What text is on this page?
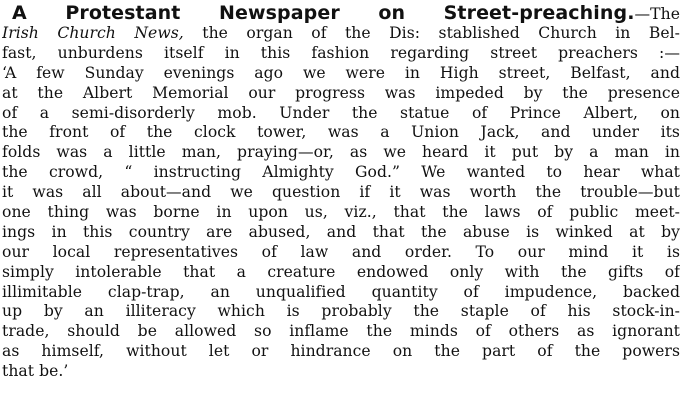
A Protestant Newspaper on Street-preaching.—The
Irish Church News, the organ of the Dis: stablished Church in Bel-
fast, unburdens itself in this fashion regarding street preachers :—
‘A few Sunday evenings ago we were in High street, Belfast, and
at the Albert Memorial our progress was impeded by the presence
of a semi-disorderly mob. Under the statue of Prince Albert, on
the front of the clock tower, was a Union Jack, and under its
folds was a little man, praying—or, as we heard it put by a man in
the crowd, “ instructing Almighty God.” We wanted to hear what
it was all about—and we question if it was worth the trouble—but
one thing was borne in upon us, viz., that the laws of public meet-
ings in this country are abused, and that the abuse is winked at by
our local representatives of law and order. To our mind it is
simply intolerable that a creature endowed only with the gifts of
illimitable clap-trap, an unqualified quantity of impudence, backed
up by an illiteracy which is probably the staple of his stock-in-
trade, should be allowed so inflame the minds of others as ignorant
as himself, without let or hindrance on the part of the powers
that be.’
